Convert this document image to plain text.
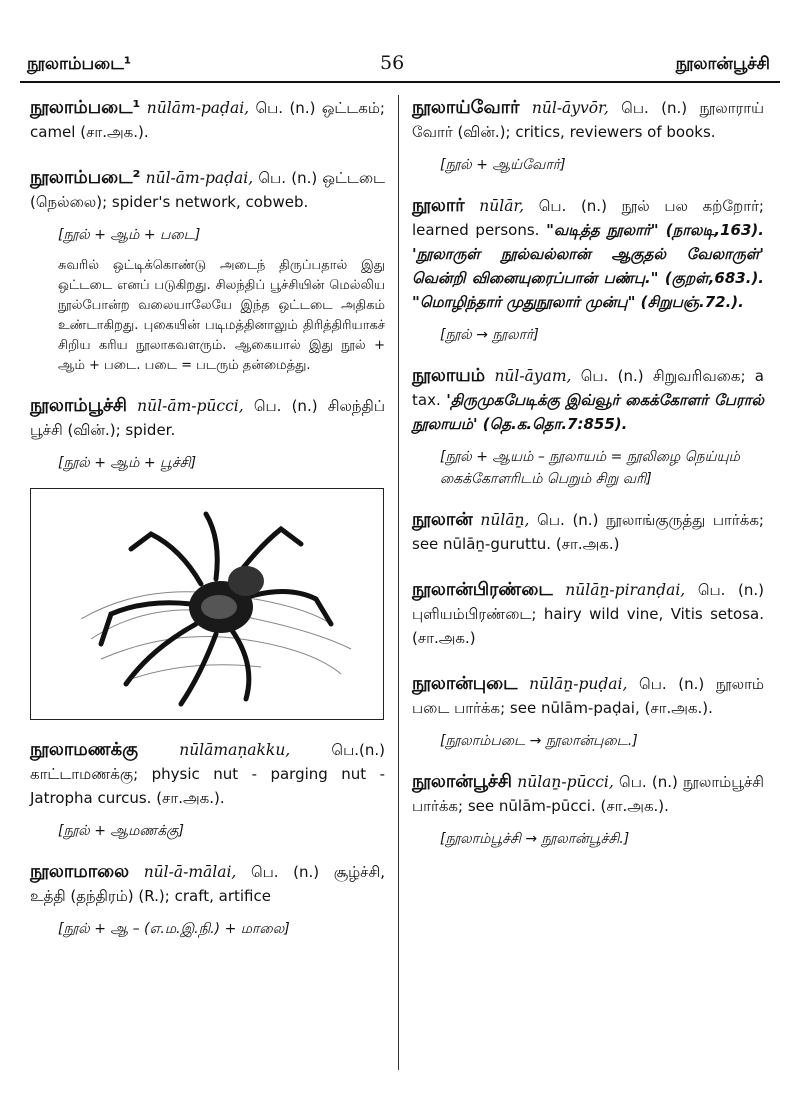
நூலாம்படை¹	56	நூலான்பூச்சி
நூலாம்படை¹ nūlām-paḍai, பெ. (n.) ஒட்டகம்; camel (சா.அக.).
நூலாம்படை² nūl-ām-paḍai, பெ. (n.) ஒட்டடை (நெல்லை); spider's network, cobweb.
[நூல் + ஆம் + படை]
சுவரில் ஒட்டிக்கொண்டு அடைந் திருப்பதால் இது ஒட்டடை எனப் படுகிறது. சிலந்திப் பூச்சியின் மெல்லிய நூல்போன்ற வலையாலேயே இந்த ஒட்டடை அதிகம் உண்டாகிறது. புகையின் படிமத்தினாலும் திரித்திரியாகச் சிறிய கரிய நூலாகவளரும். ஆகையால் இது நூல் + ஆம் + படை. படை = படரும் தன்மைத்து.
நூலாம்பூச்சி nūl-ām-pūcci, பெ. (n.) சிலந்திப் பூச்சி (வின்.); spider.
[நூல் + ஆம் + பூச்சி]
நூலாமணக்கு	nūlāmaṇakku, பெ.(n.) காட்டாமணக்கு; physic nut - parging nut - Jatropha curcus. (சா.அக.).
[நூல் + ஆமணக்கு]
நூலாமாலை nūl-ā-mālai, பெ. (n.) சூழ்ச்சி, உத்தி (தந்திரம்) (R.); craft, artifice
[நூல் + ஆ – (எ.ம.இ.நி.) + மாலை]
நூலாய்வோர் nūl-āyvōr, பெ. (n.) நூலாராய் வோர் (வின்.); critics, reviewers of books.
[நூல் + ஆய்வோர்]
நூலார் nūlār, பெ. (n.) நூல் பல கற்றோர்; learned persons. "வடித்த நூலார்" (நாலடி,163). 'நூலாருள் நூல்வல்லான் ஆகுதல் வேலாருள்' வென்றி வினையுரைப்பான் பண்பு." (குறள்,683.). "மொழிந்தார் முதுநூலார் முன்பு" (சிறுபஞ்.72.).
[நூல் → நூலார்]
நூலாயம் nūl-āyam, பெ. (n.) சிறுவரிவகை; a tax. 'திருமுகபேடிக்கு இவ்வூர் கைக்கோளர் பேரால் நூலாயம்' (தெ.க.தொ.7:855).
[நூல் + ஆயம் – நூலாயம் = நூலிழை நெய்யும் கைக்கோளரிடம் பெறும் சிறு வரி]
நூலான் nūlāṉ, பெ. (n.) நூலாங்குருத்து பார்க்க; see nūlāṉ-guruttu. (சா.அக.)
நூலான்பிரண்டை nūlāṉ-piranḍai, பெ. (n.) புளியம்பிரண்டை; hairy wild vine, Vitis setosa. (சா.அக.)
நூலான்புடை nūlāṉ-puḍai, பெ. (n.) நூலாம் படை பார்க்க; see nūlām-paḍai, (சா.அக.).
[நூலாம்படை → நூலான்புடை.]
நூலான்பூச்சி nūlaṉ-pūcci, பெ. (n.) நூலாம்பூச்சி பார்க்க; see nūlām-pūcci. (சா.அக.).
[நூலாம்பூச்சி → நூலான்பூச்சி.]
